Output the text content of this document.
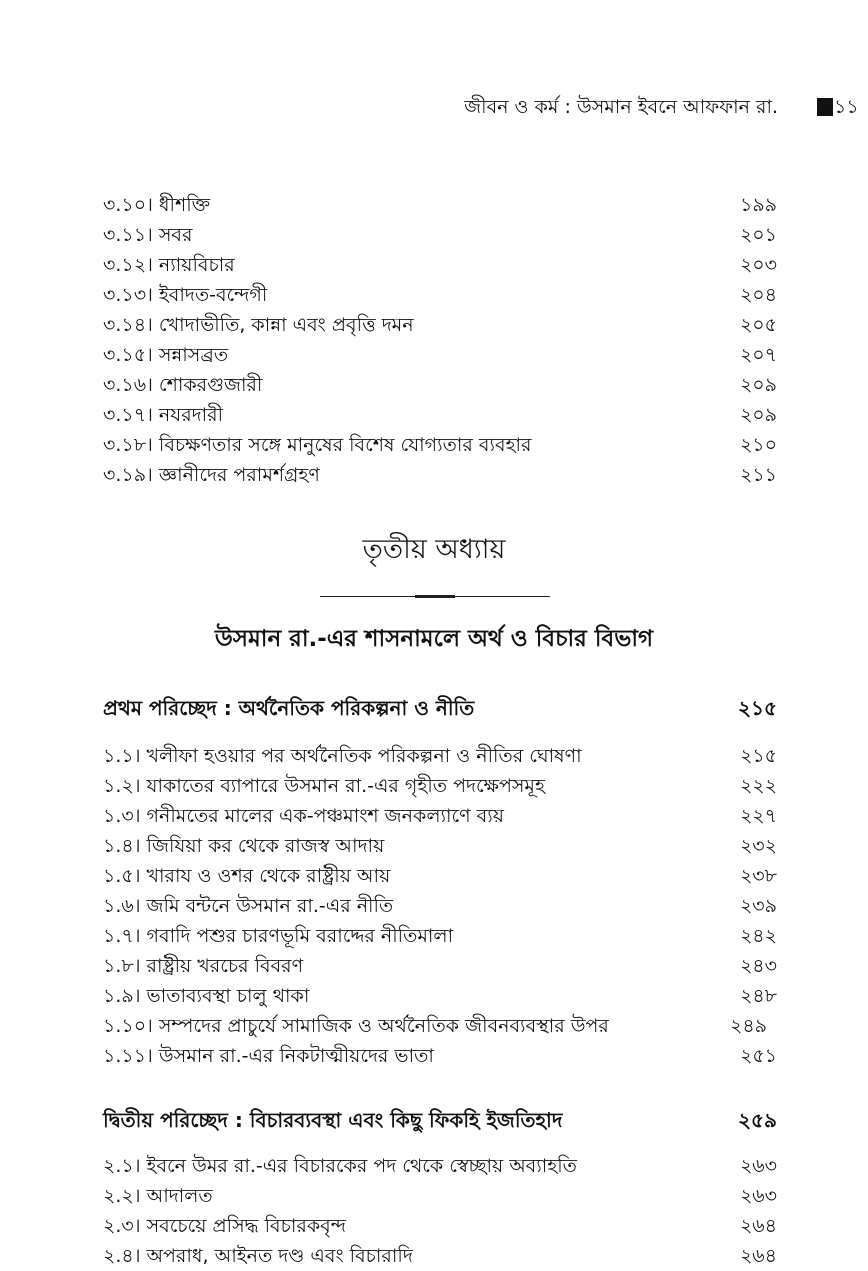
জীবন ও কর্ম : উসমান ইবনে আফফান রা.	১১
৩.১০। ধীশক্তি	১৯৯
৩.১১। সবর	২০১
৩.১২। ন্যায়বিচার	২০৩
৩.১৩। ইবাদত-বন্দেগী	২০৪
৩.১৪। খোদাভীতি, কান্না এবং প্রবৃত্তি দমন	২০৫
৩.১৫। সন্নাসব্রত	২০৭
৩.১৬। শোকরগুজারী	২০৯
৩.১৭। নযরদারী	২০৯
৩.১৮। বিচক্ষণতার সঙ্গে মানুষের বিশেষ যোগ্যতার ব্যবহার	২১০
৩.১৯। জ্ঞানীদের পরামর্শগ্রহণ	২১১
তৃতীয় অধ্যায়
উসমান রা.-এর শাসনামলে অর্থ ও বিচার বিভাগ
প্রথম পরিচ্ছেদ : অর্থনৈতিক পরিকল্পনা ও নীতি	২১৫
১.১। খলীফা হওয়ার পর অর্থনৈতিক পরিকল্পনা ও নীতির ঘোষণা	২১৫
১.২। যাকাতের ব্যাপারে উসমান রা.-এর গৃহীত পদক্ষেপসমূহ	২২২
১.৩। গনীমতের মালের এক-পঞ্চমাংশ জনকল্যাণে ব্যয়	২২৭
১.৪। জিযিয়া কর থেকে রাজস্ব আদায়	২৩২
১.৫। খারায ও ওশর থেকে রাষ্ট্রীয় আয়	২৩৮
১.৬। জমি বন্টনে উসমান রা.-এর নীতি	২৩৯
১.৭। গবাদি পশুর চারণভূমি বরাদ্দের নীতিমালা	২৪২
১.৮। রাষ্ট্রীয় খরচের বিবরণ	২৪৩
১.৯। ভাতাব্যবস্থা চালু থাকা	২৪৮
১.১০। সম্পদের প্রাচুর্যে সামাজিক ও অর্থনৈতিক জীবনব্যবস্থার উপর	২৪৯
১.১১। উসমান রা.-এর নিকটাত্মীয়দের ভাতা	২৫১
দ্বিতীয় পরিচ্ছেদ : বিচারব্যবস্থা এবং কিছু ফিকহি ইজতিহাদ	২৫৯
২.১। ইবনে উমর রা.-এর বিচারকের পদ থেকে স্বেচ্ছায় অব্যাহতি	২৬৩
২.২। আদালত	২৬৩
২.৩। সবচেয়ে প্রসিদ্ধ বিচারকবৃন্দ	২৬৪
২.৪। অপরাধ, আইনত দণ্ড এবং বিচারাদি	২৬৪
